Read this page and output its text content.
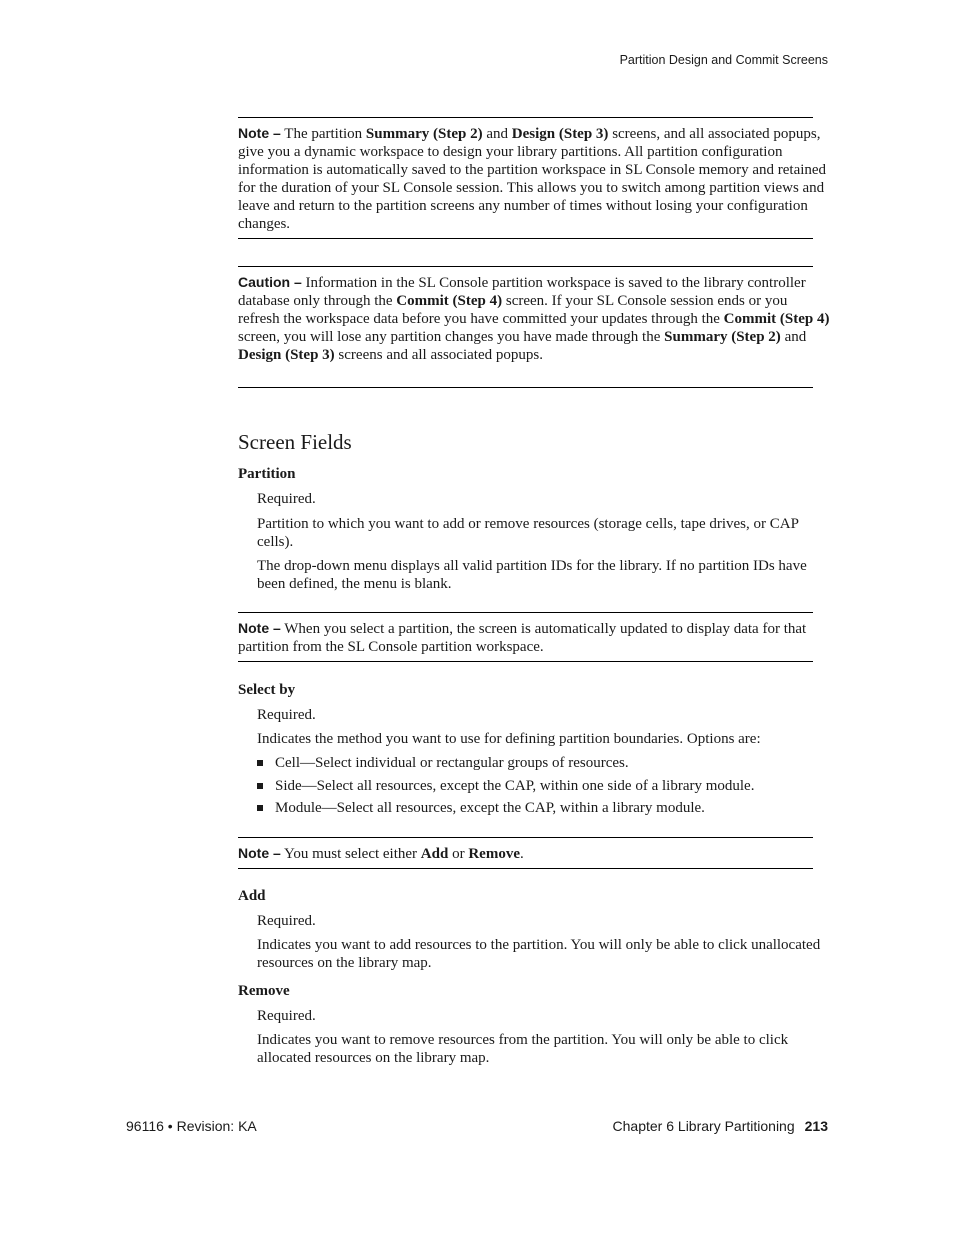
Partition Design and Commit Screens

Note – The partition Summary (Step 2) and Design (Step 3) screens, and all associated popups, give you a dynamic workspace to design your library partitions. All partition configuration information is automatically saved to the partition workspace in SL Console memory and retained for the duration of your SL Console session. This allows you to switch among partition views and leave and return to the partition screens any number of times without losing your configuration changes.

Caution – Information in the SL Console partition workspace is saved to the library controller database only through the Commit (Step 4) screen. If your SL Console session ends or you refresh the workspace data before you have committed your updates through the Commit (Step 4) screen, you will lose any partition changes you have made through the Summary (Step 2) and Design (Step 3) screens and all associated popups.

Screen Fields
Partition

Required.

Partition to which you want to add or remove resources (storage cells, tape drives, or CAP cells).

The drop-down menu displays all valid partition IDs for the library. If no partition IDs have been defined, the menu is blank.

Note – When you select a partition, the screen is automatically updated to display data for that partition from the SL Console partition workspace.

Select by

Required.

Indicates the method you want to use for defining partition boundaries. Options are:

Cell—Select individual or rectangular groups of resources.
Side—Select all resources, except the CAP, within one side of a library module.
Module—Select all resources, except the CAP, within a library module.

Note – You must select either Add or Remove.

Add

Required.

Indicates you want to add resources to the partition. You will only be able to click unallocated resources on the library map.

Remove

Required.

Indicates you want to remove resources from the partition. You will only be able to click allocated resources on the library map.

96116 • Revision: KA	Chapter 6 Library Partitioning 213
